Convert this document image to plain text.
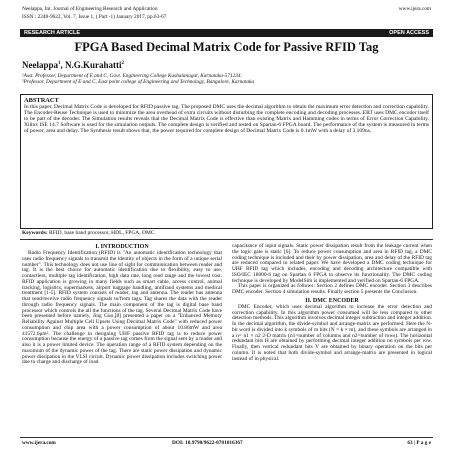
Neelappa, Int. Journal of Engineering Research and Application	www.ijera.com
ISSN : 2248-9622, Vol. 7, Issue 1, ( Part -1) January 2017, pp.63-67
RESEARCH ARTICLE	OPEN ACCESS
FPGA Based Decimal Matrix Code for Passive RFID Tag
Neelappa$^1$, N.G.Kurahatti$^2$
¹Asst. Professor, Department of E and C, Govt. Engineering College Kushalanagar, Karnataka-571234.
²Professor, Department of E and C, East point college of Engineering and Technology, Bangalore, Karnataka
ABSTRACT
In this paper, Decimal Matrix Code is developed for RFID passive tag. The proposed DMC uses the decimal algorithm to obtain the maximum error detection and correction capability. The Encoder-Reuse Technique is used to minimize the area overhead of extra circuits without disturbing the complete encoding and decoding processes. ERT uses DMC encoder itself to be part of the decoder. The Simulation results reveals that the Decimal Matrix Code is effective than existing Matrix and Hamming codes in terms of Error Correction Capability. Xilinx ISE 14.7 Software is used for the simulation outputs. The complete design is verified and tested on Spartan-6 FPGA board. The performance of the system is measured in terms of power, area and delay. The Synthesis result shows that, the power required for complete design of Decimal Matrix Code is 0.1mW with a delay of 3.109ns.
Keywords: RFID, base band processor, HDL, FPGA, DMC
I. INTRODUCTION
Radio Frequency Identification (RFID) is "An automatic identification technology that uses radio frequency signals to transmit the identity of objects in the form of a unique serial number". This technology does not use line of sight for communication between reader and tag. It is the best choice for automatic identification due to flexibility, easy to use, contactless, multiple tag identification, high data rate, long read range and the lowest cost. RFID application is growing in many fields such as smart cable, access control, animal tracking, logistics, supermarkets, airport baggage handling, antifraud systems and medical treatment [1-5]. RFID system consists of reader, tag and antenna. The reader has antenna that send/receive radio frequency signals to/from tags. Tag shares the data with the reader through radio frequency signals. The main component of the tag is digital base band processor which controls the all the functions of the tag. Several Decimal Matrix Code have been presented before namely, Jing Guo,[8] presented a paper on a "Enhanced Memory Reliability Against Multiple Cell Upsets Using Decimal Matrix Code" with reduced power consumption and chip area with a power consumption of about 10.86mW and area 41572.6μm². The challenge in designing UHF passive RFID tag is to reduce power consumption because the energy of a passive tag comes from the signal sent by a reader and also it is a power limited device. The operation range of a RFID system depending on the maximum of the dynamic power of the tag. There are static power dissipation and dynamic power dissipation in the VLSI circuit. Dynamic power dissipation includes switching power due to charge and discharge of load
capacitance of input signals. Static power dissipation result from the leakage current when the logic gate is static [6]. To reduce power consumption and area in RFID tag, a DMC coding technique is included and their by power dissipation, area and delay of the RFID tag are reduced compared to related paper. We have developed a DMC coding technique for UHF RFID tag which includes, encoding and decoding architecture compatible with ISO/IEC 18000-6 tag on Spartan 6 FPGA to observe its functionality. The DMC coding technique is developed by ModelSim is implemented and verified on Spartan-6 FPGA.
This paper is organized as follows: Section 2 defines DMC encoder. Section 3 describes DMC encoder. Section 4 simulation results. Finally section 5 presents the Conclusion.
II. DMC ENCODER
DMC Encoder, which uses decimal algorithm to increase the error detection and correction capability. In this algorithm power consumed will be less compared to other detection methods. This algorithm involves decimal integer subtraction and integer addition. In the decimal algorithm, the divide-symbol and arrange-matrix are performed. Here the N-bit word is divided into k symbols of m bits (N = k × m), and these symbols are arranged in a n= n1 × n2 2-D matrix (n1=number of columns and n2=number of rows). The horizontal redundant bits H are obtained by performing decimal integer addition on symbols per row. Finally, then vertical redundant bits V are obtained by binary operation on the bits per column. It is noted that both divide-symbol and arrange-matrix are presented in logical instead of in physical.
www.ijera.com	DOI: 10.9790/9622-0701016367	63 | P a g e
